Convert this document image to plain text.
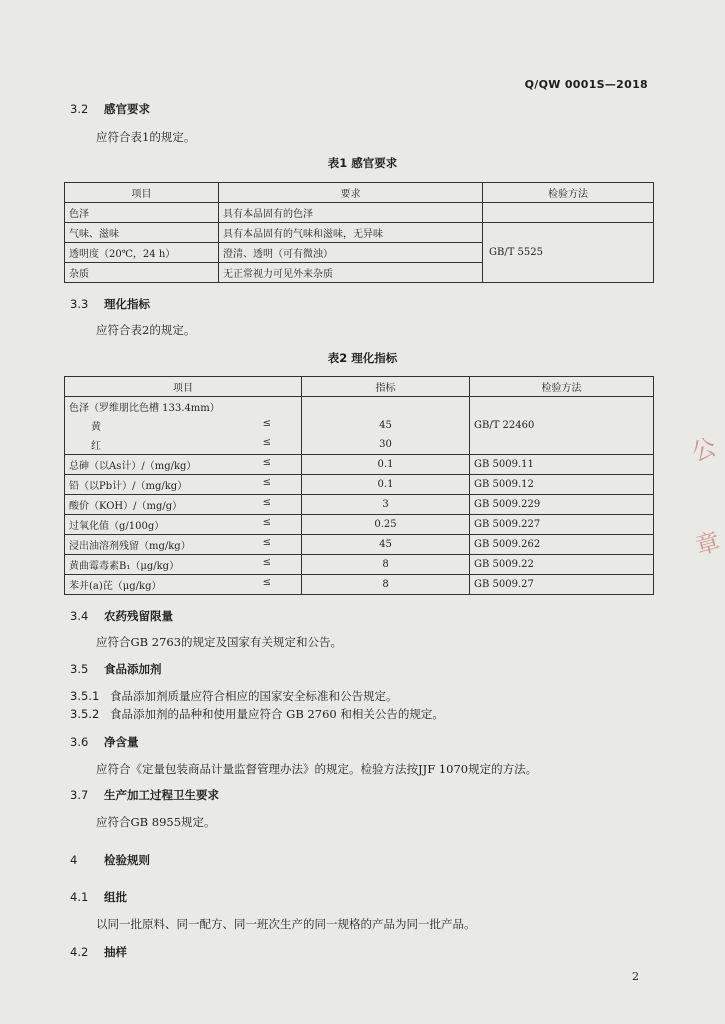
Q/QW 0001S—2018
3.2 感官要求
应符合表1的规定。
表1 感官要求
项目	要求	检验方法
色泽	具有本品固有的色泽	
气味、滋味	具有本品固有的气味和滋味，无异味	GB/T 5525
透明度（20℃，24 h）	澄清、透明（可有微浊）	
杂质	无正常视力可见外来杂质	
3.3 理化指标
应符合表2的规定。
表2 理化指标
项目	指标	检验方法
色泽（罗维朋比色槽 133.4mm）		
黄 ≤	45	GB/T 22460
红 ≤	30	
总砷（以As计）/（mg/kg） ≤	0.1	GB 5009.11
铅（以Pb计）/（mg/kg） ≤	0.1	GB 5009.12
酸价（KOH）/（mg/g） ≤	3	GB 5009.229
过氧化值（g/100g） ≤	0.25	GB 5009.227
浸出油溶剂残留（mg/kg） ≤	45	GB 5009.262
黄曲霉毒素B₁（μg/kg） ≤	8	GB 5009.22
苯并(a)芘（μg/kg） ≤	8	GB 5009.27
3.4 农药残留限量
应符合GB 2763的规定及国家有关规定和公告。
3.5 食品添加剂
3.5.1 食品添加剂质量应符合相应的国家安全标准和公告规定。
3.5.2 食品添加剂的品种和使用量应符合 GB 2760 和相关公告的规定。
3.6 净含量
应符合《定量包装商品计量监督管理办法》的规定。检验方法按JJF 1070规定的方法。
3.7 生产加工过程卫生要求
应符合GB 8955规定。
4 检验规则
4.1 组批
以同一批原料、同一配方、同一班次生产的同一规格的产品为同一批产品。
4.2 抽样
2
公
章
